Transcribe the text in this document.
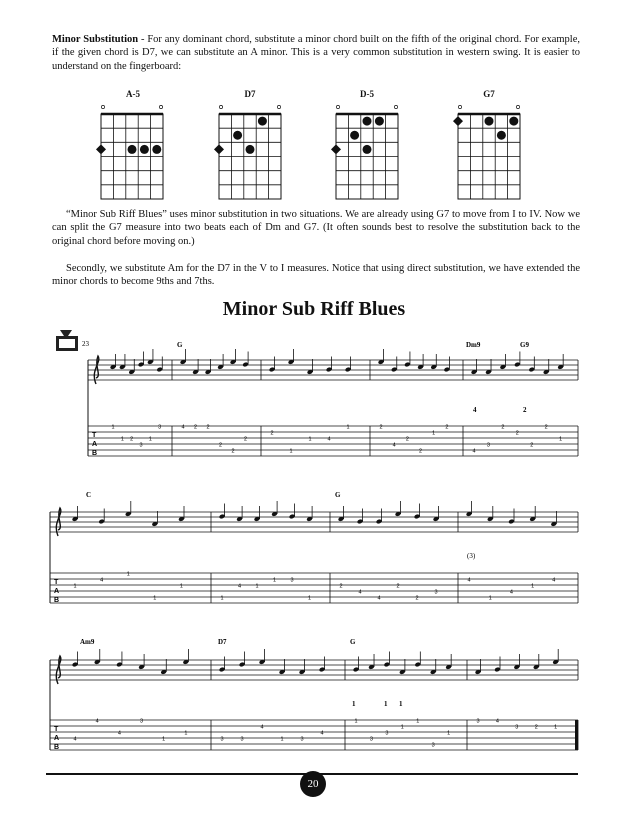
Minor Substitution - For any dominant chord, substitute a minor chord built on the fifth of the original chord. For example, if the given chord is D7, we can substitute an A minor. This is a very common substitution in western swing. It is easier to understand on the fingerboard:
A-5	D7	D-5	G7
T
A
B
1
1 2
3
1
3	4 2 2
2
2
2
2
1
1	4
1	2
4
2
2
1
2
4
3
2
2
2
2
1
T
A
B
1
4
1
1
1
1
4	1
1	3
1
2
4
4
2
2
3
4
1
4
1
4
T
A
B
4
4
4
3
1
1
3	3
4
1	3
4
1
3
3
1
1
3
1
3	4
3	2	1
23	G	Dm9	G9
4	2
C	G
(3)
Am9	D7	G
1	1 1
“Minor Sub Riff Blues” uses minor substitution in two situations. We are already using G7 to move from I to IV. Now we can split the G7 measure into two beats each of Dm and G7. (It often sounds best to resolve the substitution back to the original chord before moving on.)
Secondly, we substitute Am for the D7 in the V to I measures. Notice that using direct substitution, we have extended the minor chords to become 9ths and 7ths.
Minor Sub Riff Blues
20
